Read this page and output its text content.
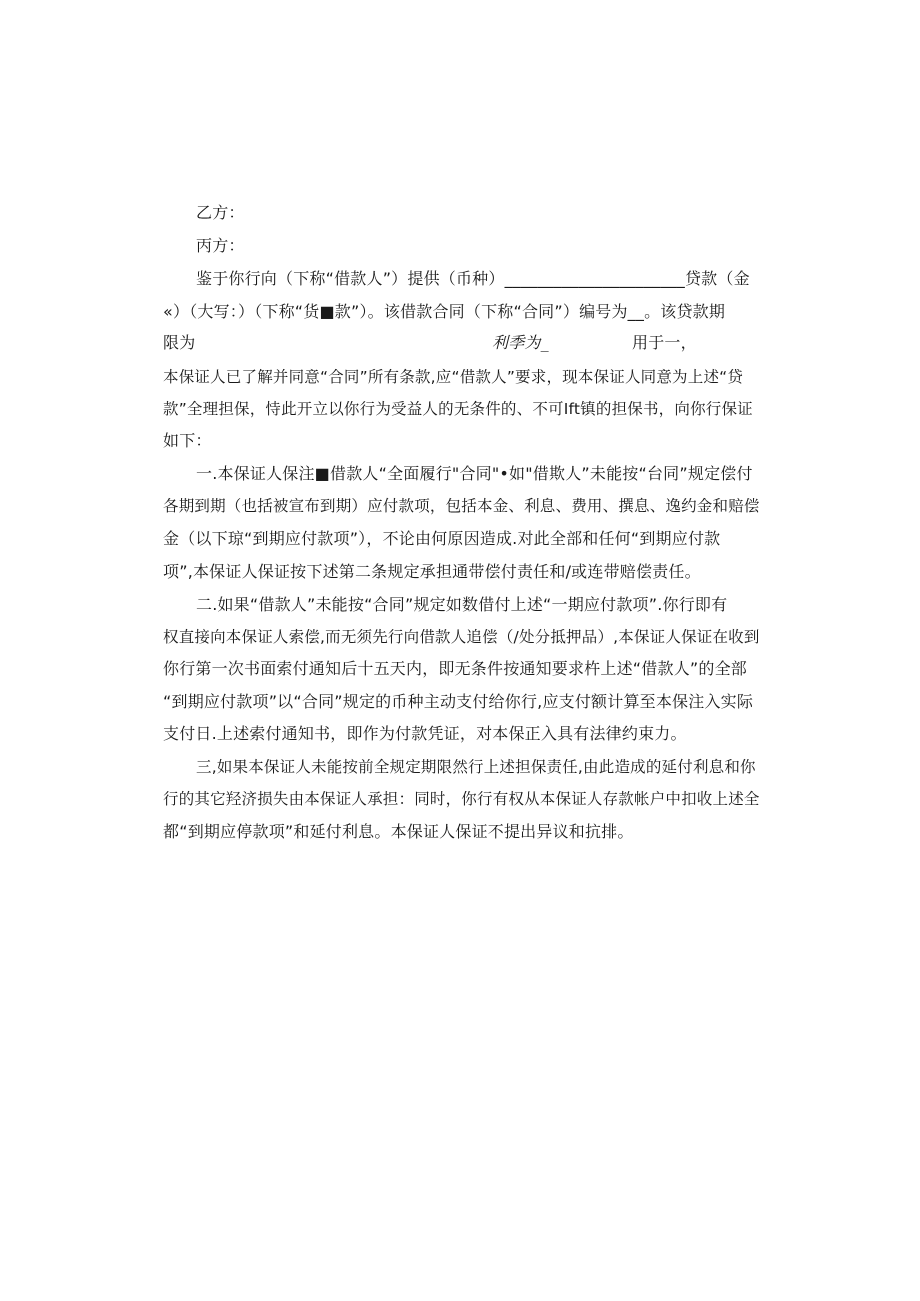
乙方：
丙方：
鉴于你行向（下称“借款人”）提供（币种）______________________贷款（金
«）（大写：）（下称“货■款”）。该借款合同（下称“合同”）编号为__。该贷款期
限为	利季为_	用于一，
本保证人已了解并同意“合同”所有条款,应“借款人”要求，现本保证人同意为上述“贷
款”全理担保，恃此开立以你行为受益人的无条件的、不可Ift镇的担保书，向你行保证
如下：
一.本保证人保注■借款人“全面履行"合同"•如"借欺人”未能按“台同”规定偿付
各期到期（也括被宣布到期）应付款项，包括本金、利息、费用、撰息、逸约金和赔偿
金（以下琼“到期应付款项”），不论由何原因造成.对此全部和任何“到期应付款
项”,本保证人保证按下述第二条规定承担通带偿付责任和/或连带赔偿责任。
二.如果“借款人”未能按“合同”规定如数借付上述“一期应付款项”.你行即有
权直接向本保证人索偿,而无须先行向借款人追偿（/处分抵押品）,本保证人保证在收到
你行第一次书面索付通知后十五天内，即无条件按通知要求杵上述“借款人”的全部
“到期应付款项”以“合同”规定的币种主动支付给你行,应支付额计算至本保注入实际
支付日.上述索付通知书，即作为付款凭证，对本保正入具有法律约束力。
三,如果本保证人未能按前全规定期限然行上述担保责任,由此造成的延付利息和你
行的其它羟济损失由本保证人承担：同时，你行有权从本保证人存款帐户中扣收上述全
都“到期应停款项”和延付利息。本保证人保证不提出异议和抗排。
